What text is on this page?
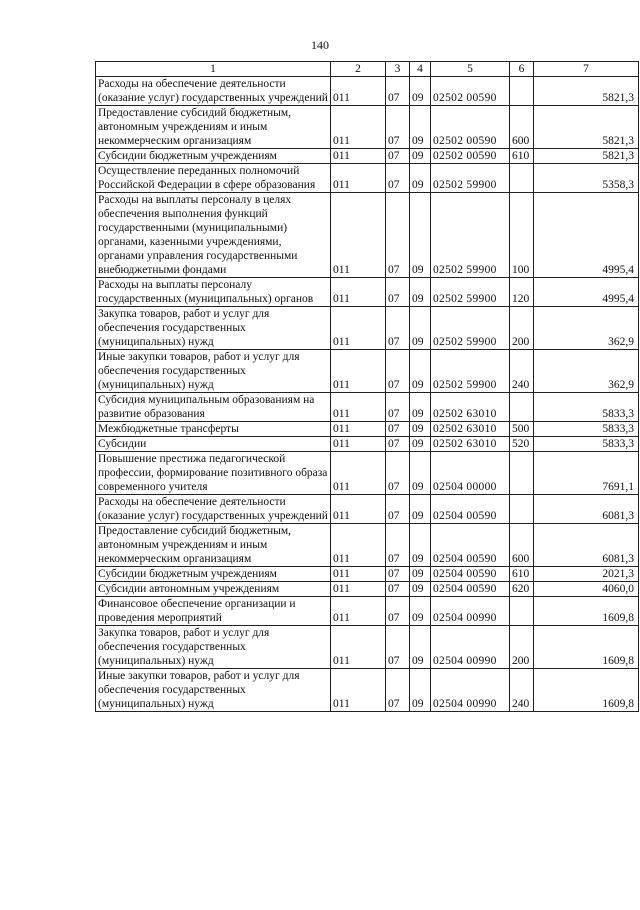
140
1	2	3	4	5	6	7
Расходы на обеспечение деятельности (оказание услуг) государственных учреждений	011	07	09	02502 00590		5821,3
Предоставление субсидий бюджетным, автономным учреждениям и иным некоммерческим организациям	011	07	09	02502 00590	600	5821,3
Субсидии бюджетным учреждениям	011	07	09	02502 00590	610	5821,3
Осуществление переданных полномочий Российской Федерации в сфере образования	011	07	09	02502 59900		5358,3
Расходы на выплаты персоналу в целях обеспечения выполнения функций государственными (муниципальными) органами, казенными учреждениями, органами управления государственными внебюджетными фондами	011	07	09	02502 59900	100	4995,4
Расходы на выплаты персоналу государственных (муниципальных) органов	011	07	09	02502 59900	120	4995,4
Закупка товаров, работ и услуг для обеспечения государственных (муниципальных) нужд	011	07	09	02502 59900	200	362,9
Иные закупки товаров, работ и услуг для обеспечения государственных (муниципальных) нужд	011	07	09	02502 59900	240	362,9
Субсидия муниципальным образованиям на развитие образования	011	07	09	02502 63010		5833,3
Межбюджетные трансферты	011	07	09	02502 63010	500	5833,3
Субсидии	011	07	09	02502 63010	520	5833,3
Повышение престижа педагогической профессии, формирование позитивного образа современного учителя	011	07	09	02504 00000		7691,1
Расходы на обеспечение деятельности (оказание услуг) государственных учреждений	011	07	09	02504 00590		6081,3
Предоставление субсидий бюджетным, автономным учреждениям и иным некоммерческим организациям	011	07	09	02504 00590	600	6081,3
Субсидии бюджетным учреждениям	011	07	09	02504 00590	610	2021,3
Субсидии автономным учреждениям	011	07	09	02504 00590	620	4060,0
Финансовое обеспечение организации и проведения мероприятий	011	07	09	02504 00990		1609,8
Закупка товаров, работ и услуг для обеспечения государственных (муниципальных) нужд	011	07	09	02504 00990	200	1609,8
Иные закупки товаров, работ и услуг для обеспечения государственных (муниципальных) нужд	011	07	09	02504 00990	240	1609,8
